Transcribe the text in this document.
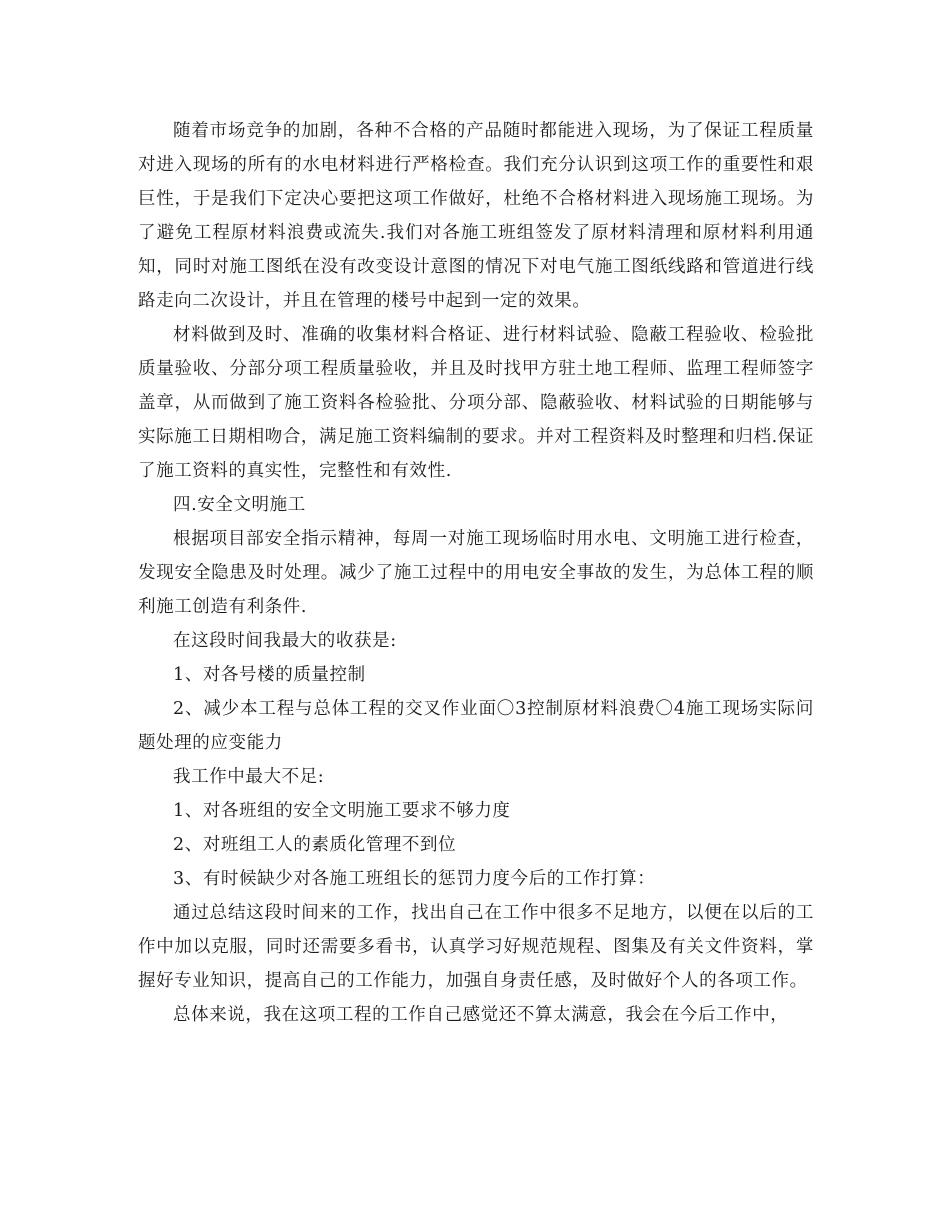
随着市场竞争的加剧，各种不合格的产品随时都能进入现场，为了保证工程质量对进入现场的所有的水电材料进行严格检查。我们充分认识到这项工作的重要性和艰巨性，于是我们下定决心要把这项工作做好，杜绝不合格材料进入现场施工现场。为了避免工程原材料浪费或流失.我们对各施工班组签发了原材料清理和原材料利用通知，同时对施工图纸在没有改变设计意图的情况下对电气施工图纸线路和管道进行线路走向二次设计，并且在管理的楼号中起到一定的效果。

材料做到及时、准确的收集材料合格证、进行材料试验、隐蔽工程验收、检验批质量验收、分部分项工程质量验收，并且及时找甲方驻土地工程师、监理工程师签字盖章，从而做到了施工资料各检验批、分项分部、隐蔽验收、材料试验的日期能够与实际施工日期相吻合，满足施工资料编制的要求。并对工程资料及时整理和归档.保证了施工资料的真实性，完整性和有效性.

四.安全文明施工

根据项目部安全指示精神，每周一对施工现场临时用水电、文明施工进行检查，发现安全隐患及时处理。减少了施工过程中的用电安全事故的发生，为总体工程的顺利施工创造有利条件.

在这段时间我最大的收获是:

1、对各号楼的质量控制

2、减少本工程与总体工程的交叉作业面〇3控制原材料浪费〇4施工现场实际问题处理的应变能力

我工作中最大不足:

1、对各班组的安全文明施工要求不够力度

2、对班组工人的素质化管理不到位

3、有时候缺少对各施工班组长的惩罚力度今后的工作打算：

通过总结这段时间来的工作，找出自己在工作中很多不足地方，以便在以后的工作中加以克服，同时还需要多看书，认真学习好规范规程、图集及有关文件资料，掌握好专业知识，提高自己的工作能力，加强自身责任感，及时做好个人的各项工作。

总体来说，我在这项工程的工作自己感觉还不算太满意，我会在今后工作中，
